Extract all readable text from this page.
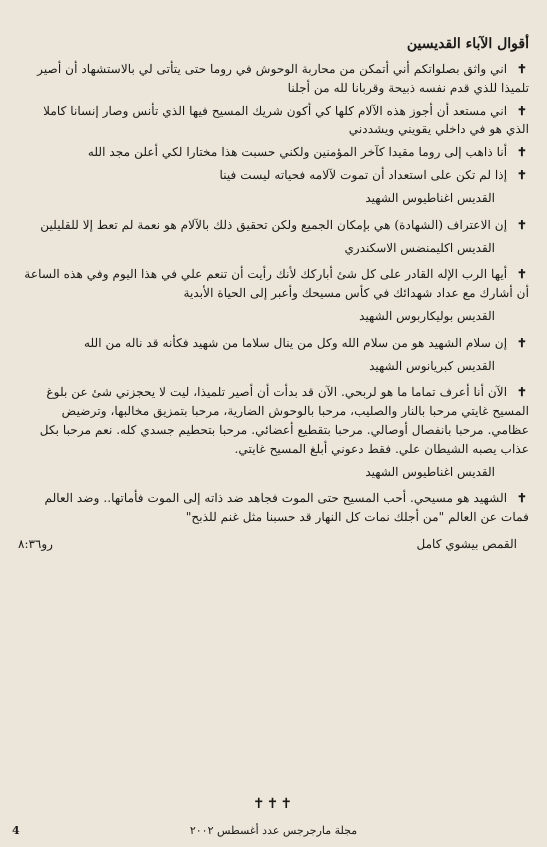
أقوال الآباء القديسين
✝ اني واثق بصلواتكم أني أتمكن من محاربة الوحوش في روما حتى يتأتى لي بالاستشهاد أن أصير تلميذا للذي قدم نفسه ذبيحة وقربانا لله من أجلنا
✝ اني مستعد أن أجوز هذه الآلام كلها كي أكون شريك المسيح فيها الذي تأنس وصار إنسانا كاملا الذي هو في داخلي يقويني ويشددني
✝ أنا ذاهب إلى روما مقيدا كآخر المؤمنين ولكني حسبت هذا مختارا لكي أعلن مجد الله
✝ إذا لم تكن على استعداد أن تموت لآلامه فحياته ليست فينا
القديس اغناطيوس الشهيد
✝ إن الاعتراف (الشهادة) هي بإمكان الجميع ولكن تحقيق ذلك بالآلام هو نعمة لم تعط إلا للقليلين
القديس اكليمنضس الاسكندري
✝ أيها الرب الإله القادر على كل شئ أباركك لأنك رأيت أن تنعم علي في هذا اليوم وفي هذه الساعة أن أشارك مع عداد شهدائك في كأس مسيحك وأعبر إلى الحياة الأبدية
القديس بوليكاربوس الشهيد
✝ إن سلام الشهيد هو من سلام الله وكل من ينال سلاما من شهيد فكأنه قد ناله من الله
القديس كبريانوس الشهيد
✝ الآن أنا أعرف تماما ما هو لربحي. الآن قد بدأت أن أصير تلميذا، ليت لا يحجزني شئ عن بلوغ المسيح غايتي مرحبا بالنار والصليب، مرحبا بالوحوش الضارية، مرحبا بتمزيق مخالبها، وترضيض عظامي. مرحبا بانفصال أوصالي. مرحبا بتقطيع أعضائي. مرحبا بتحطيم جسدي كله. نعم مرحبا بكل عذاب يصبه الشيطان علي. فقط دعوني أبلغ المسيح غايتي.
القديس اغناطيوس الشهيد
✝ الشهيد هو مسيحي. أحب المسيح حتى الموت فجاهد ضد ذاته إلى الموت فأماتها.. وضد العالم فمات عن العالم "من أجلك نمات كل النهار قد حسبنا مثل غنم للذبح"
القمص بيشوي كامل
رو٨:٣٦
✝✝✝
مجلة مارجرجس عدد أغسطس ٢٠٠٢
4
